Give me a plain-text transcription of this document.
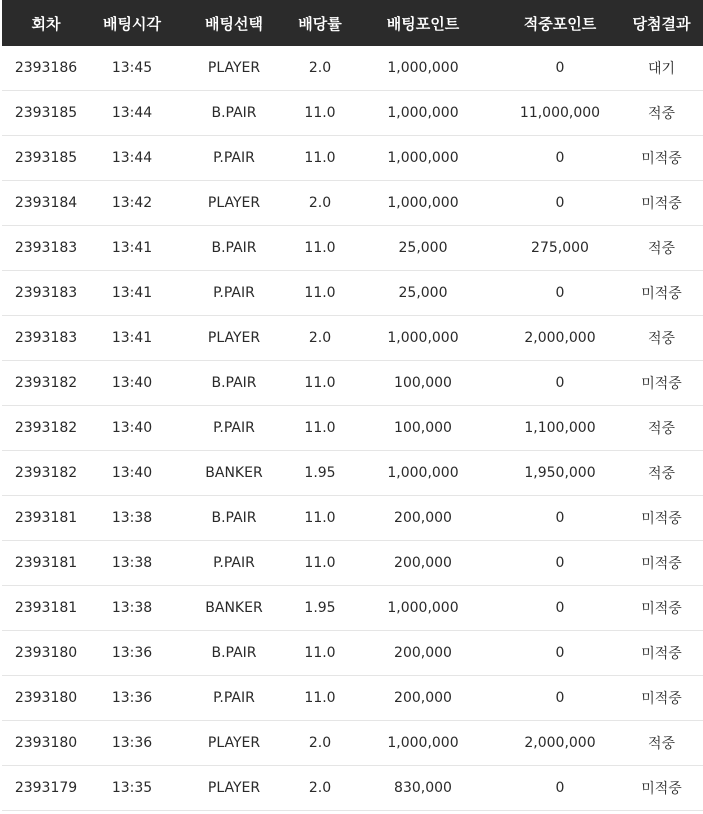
회차	배팅시각	배팅선택	배당률	배팅포인트	적중포인트	당첨결과
2393186	13:45	PLAYER	2.0	1,000,000	0	대기
2393185	13:44	B.PAIR	11.0	1,000,000	11,000,000	적중
2393185	13:44	P.PAIR	11.0	1,000,000	0	미적중
2393184	13:42	PLAYER	2.0	1,000,000	0	미적중
2393183	13:41	B.PAIR	11.0	25,000	275,000	적중
2393183	13:41	P.PAIR	11.0	25,000	0	미적중
2393183	13:41	PLAYER	2.0	1,000,000	2,000,000	적중
2393182	13:40	B.PAIR	11.0	100,000	0	미적중
2393182	13:40	P.PAIR	11.0	100,000	1,100,000	적중
2393182	13:40	BANKER	1.95	1,000,000	1,950,000	적중
2393181	13:38	B.PAIR	11.0	200,000	0	미적중
2393181	13:38	P.PAIR	11.0	200,000	0	미적중
2393181	13:38	BANKER	1.95	1,000,000	0	미적중
2393180	13:36	B.PAIR	11.0	200,000	0	미적중
2393180	13:36	P.PAIR	11.0	200,000	0	미적중
2393180	13:36	PLAYER	2.0	1,000,000	2,000,000	적중
2393179	13:35	PLAYER	2.0	830,000	0	미적중
